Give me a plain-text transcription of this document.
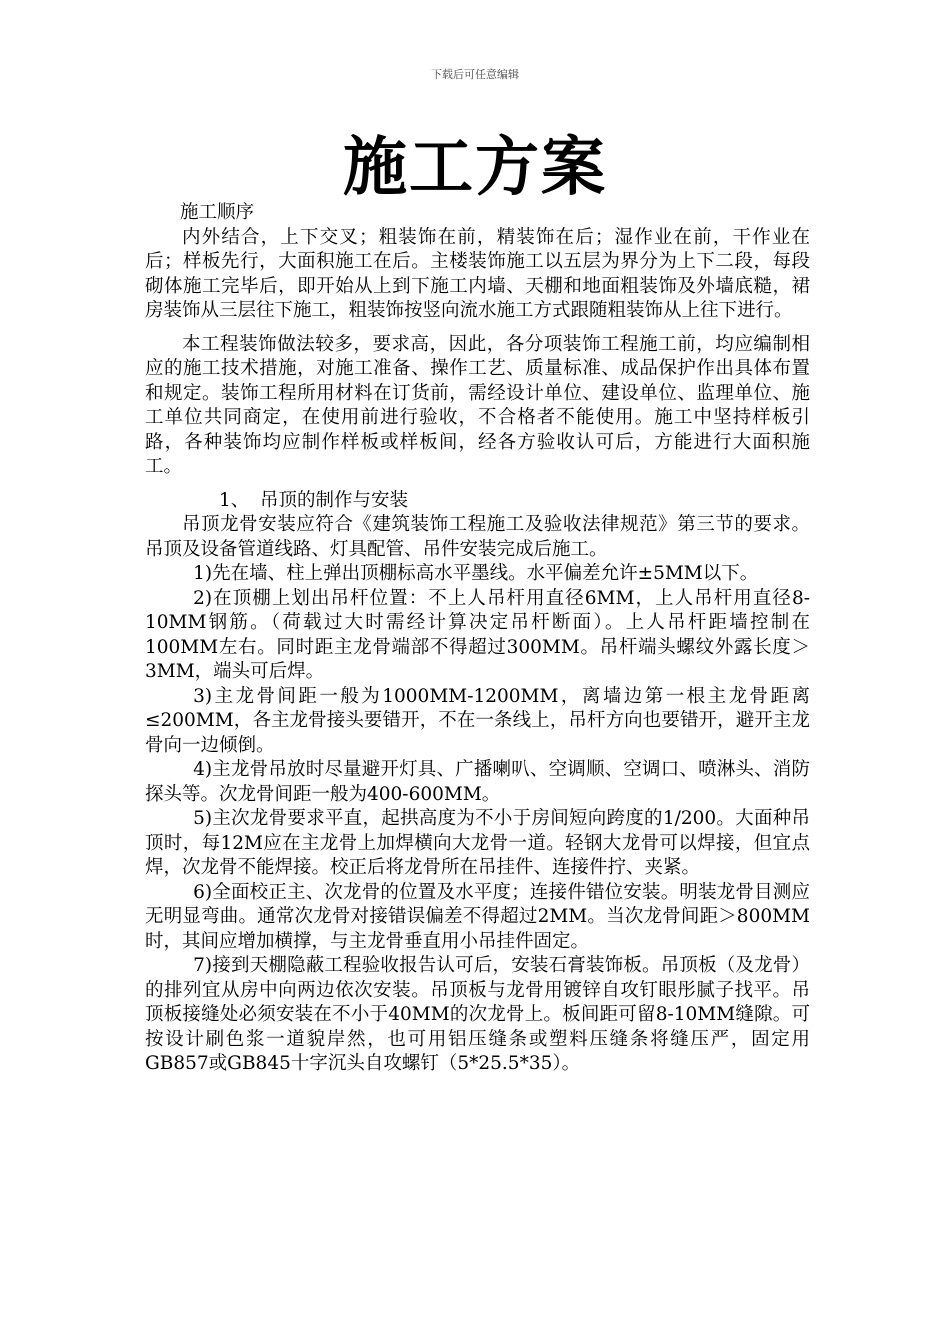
下载后可任意编辑
施工方案

施工顺序

内外结合，上下交叉；粗装饰在前，精装饰在后；湿作业在前，干作业在后；样板先行，大面积施工在后。主楼装饰施工以五层为界分为上下二段，每段砌体施工完毕后，即开始从上到下施工内墙、天棚和地面粗装饰及外墙底糙，裙房装饰从三层往下施工，粗装饰按竖向流水施工方式跟随粗装饰从上往下进行。

本工程装饰做法较多，要求高，因此，各分项装饰工程施工前，均应编制相应的施工技术措施，对施工准备、操作工艺、质量标准、成品保护作出具体布置和规定。装饰工程所用材料在订货前，需经设计单位、建设单位、监理单位、施工单位共同商定，在使用前进行验收，不合格者不能使用。施工中坚持样板引路，各种装饰均应制作样板或样板间，经各方验收认可后，方能进行大面积施工。

1、 吊顶的制作与安装

吊顶龙骨安装应符合《建筑装饰工程施工及验收法律规范》第三节的要求。吊顶及设备管道线路、灯具配管、吊件安装完成后施工。

1)先在墙、柱上弹出顶棚标高水平墨线。水平偏差允许±5MM以下。

2)在顶棚上划出吊杆位置：不上人吊杆用直径6MM，上人吊杆用直径8-10MM钢筋。（荷载过大时需经计算决定吊杆断面）。上人吊杆距墙控制在100MM左右。同时距主龙骨端部不得超过300MM。吊杆端头螺纹外露长度＞3MM，端头可后焊。

3)主龙骨间距一般为1000MM-1200MM，离墙边第一根主龙骨距离≤200MM，各主龙骨接头要错开，不在一条线上，吊杆方向也要错开，避开主龙骨向一边倾倒。

4)主龙骨吊放时尽量避开灯具、广播喇叭、空调顺、空调口、喷淋头、消防探头等。次龙骨间距一般为400-600MM。

5)主次龙骨要求平直，起拱高度为不小于房间短向跨度的1/200。大面种吊顶时，每12M应在主龙骨上加焊横向大龙骨一道。轻钢大龙骨可以焊接，但宜点焊，次龙骨不能焊接。校正后将龙骨所在吊挂件、连接件拧、夹紧。

6)全面校正主、次龙骨的位置及水平度；连接件错位安装。明装龙骨目测应无明显弯曲。通常次龙骨对接错误偏差不得超过2MM。当次龙骨间距＞800MM时，其间应增加横撑，与主龙骨垂直用小吊挂件固定。

7)接到天棚隐蔽工程验收报告认可后，安装石膏装饰板。吊顶板（及龙骨）的排列宜从房中向两边依次安装。吊顶板与龙骨用镀锌自攻钉眼彤腻子找平。吊顶板接缝处必须安装在不小于40MM的次龙骨上。板间距可留8-10MM缝隙。可按设计刷色浆一道貌岸然，也可用铝压缝条或塑料压缝条将缝压严，固定用GB857或GB845十字沉头自攻螺钉（5*25.5*35）。
